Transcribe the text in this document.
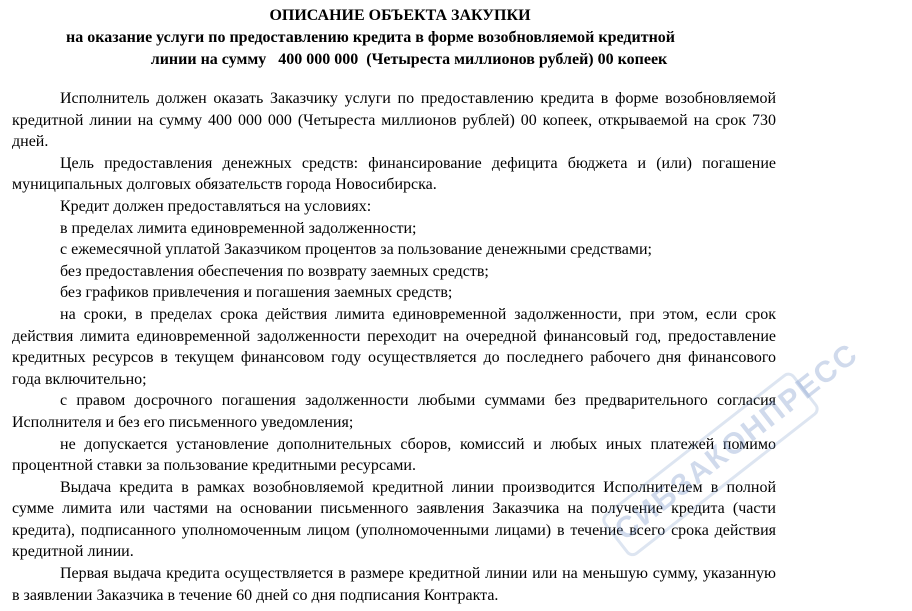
ОПИСАНИЕ ОБЪЕКТА ЗАКУПКИ
на оказание услуги по предоставлению кредита в форме возобновляемой кредитной
линии на сумму   400 000 000  (Четыреста миллионов рублей) 00 копеек

Исполнитель должен оказать Заказчику услуги по предоставлению кредита в форме возобновляемой кредитной линии на сумму 400 000 000 (Четыреста миллионов рублей) 00 копеек, открываемой на срок 730 дней.

Цель предоставления денежных средств: финансирование дефицита бюджета и (или) погашение муниципальных долговых обязательств города Новосибирска.

Кредит должен предоставляться на условиях:

в пределах лимита единовременной задолженности;

с ежемесячной уплатой Заказчиком процентов за пользование денежными средствами;

без предоставления обеспечения по возврату заемных средств;

без графиков привлечения и погашения заемных средств;

на сроки, в пределах срока действия лимита единовременной задолженности, при этом, если срок действия лимита единовременной задолженности переходит на очередной финансовый год, предоставление кредитных ресурсов в текущем финансовом году осуществляется до последнего рабочего дня финансового года включительно;

с правом досрочного погашения задолженности любыми суммами без предварительного согласия Исполнителя и без его письменного уведомления;

не допускается установление дополнительных сборов, комиссий и любых иных платежей помимо процентной ставки за пользование кредитными ресурсами.

Выдача кредита в рамках возобновляемой кредитной линии производится Исполнителем в полной сумме лимита или частями на основании письменного заявления Заказчика на получение кредита (части кредита), подписанного уполномоченным лицом (уполномоченными лицами) в течение всего срока действия кредитной линии.

Первая выдача кредита осуществляется в размере кредитной линии или на меньшую сумму, указанную в заявлении Заказчика в течение 60 дней со дня подписания Контракта.

СИБЗАКОНПРЕСС
